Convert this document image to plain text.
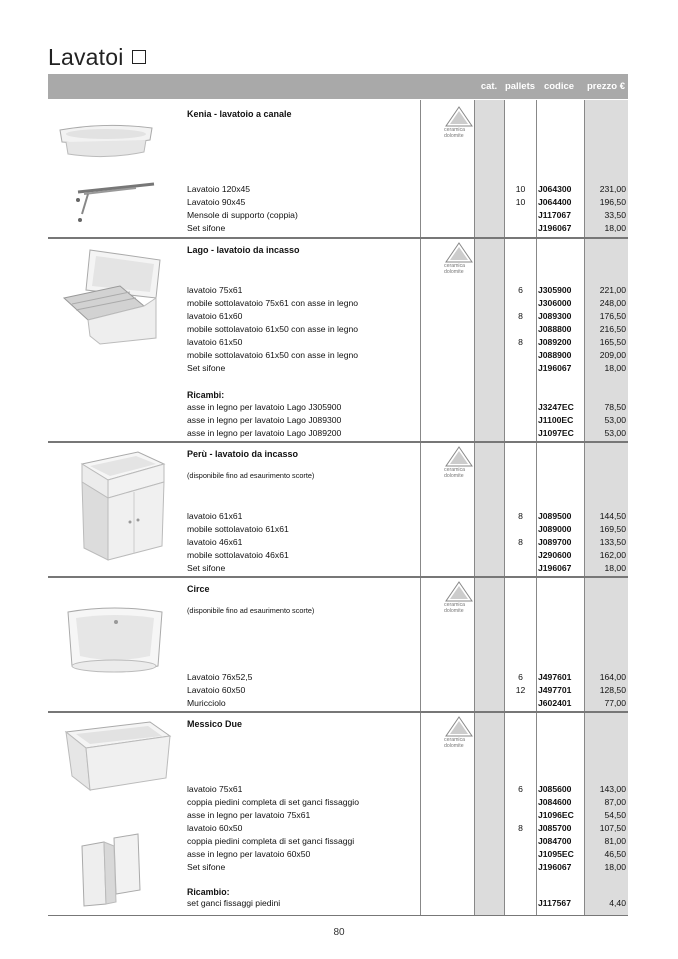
Lavatoi
cat. pallets codice	prezzo €
Kenia - lavatoio a canale
ceramica
dolomite
Lavatoio 120x45	10	J064300	231,00
Lavatoio 90x45	10	J064400	196,50
Mensole di supporto (coppia)	J117067	33,50
Set sifone	J196067	18,00
Lago - lavatoio da incasso
ceramica
dolomite
lavatoio 75x61	6	J305900	221,00
mobile sottolavatoio 75x61 con asse in legno	J306000	248,00
lavatoio 61x60	8	J089300	176,50
mobile sottolavatoio 61x50 con asse in legno	J088800	216,50
lavatoio 61x50	8	J089200	165,50
mobile sottolavatoio 61x50 con asse in legno	J088900	209,00
Set sifone	J196067	18,00
Ricambi:
asse in legno per lavatoio Lago J305900	J3247EC	78,50
asse in legno per lavatoio Lago J089300	J1100EC	53,00
asse in legno per lavatoio Lago J089200	J1097EC	53,00
Perù - lavatoio da incasso
(disponibile fino ad esaurimento scorte)
ceramica
dolomite
lavatoio 61x61	8	J089500	144,50
mobile sottolavatoio 61x61	J089000	169,50
lavatoio 46x61	8	J089700	133,50
mobile sottolavatoio 46x61	J290600	162,00
Set sifone	J196067	18,00
Circe
(disponibile fino ad esaurimento scorte)
ceramica
dolomite
Lavatoio 76x52,5	6	J497601	164,00
Lavatoio 60x50	12	J497701	128,50
Muricciolo	J602401	77,00
Messico Due
ceramica
dolomite
lavatoio 75x61	6	J085600	143,00
coppia piedini completa di set ganci fissaggio	J084600	87,00
asse in legno per lavatoio 75x61	J1096EC	54,50
lavatoio 60x50	8	J085700	107,50
coppia piedini completa di set ganci fissaggi	J084700	81,00
asse in legno per lavatoio 60x50	J1095EC	46,50
Set sifone	J196067	18,00
Ricambio:
set ganci fissaggi piedini	J117567	4,40
80
